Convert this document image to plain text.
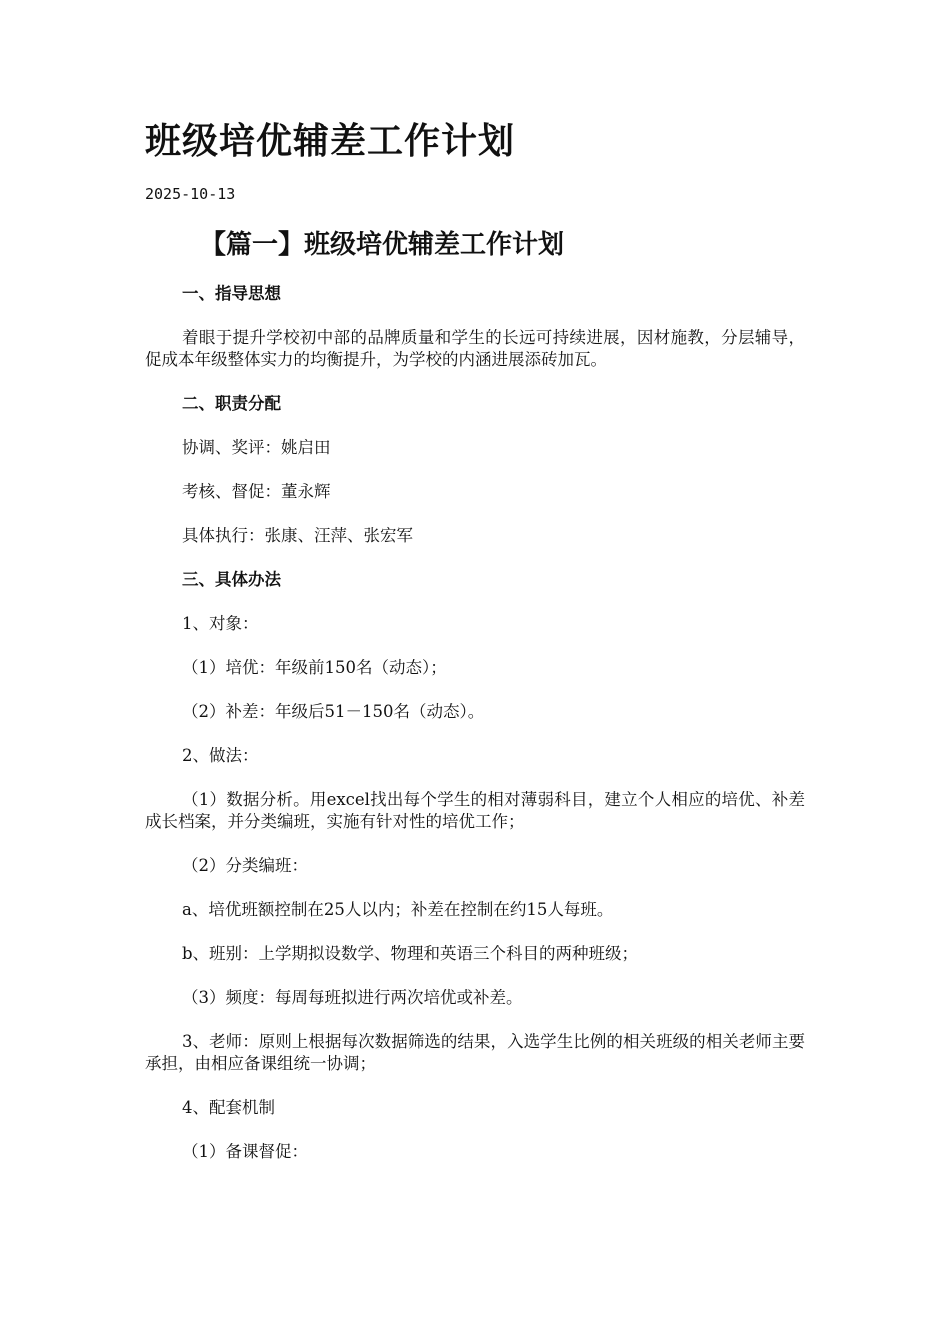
班级培优辅差工作计划
2025-10-13
【篇一】班级培优辅差工作计划

一、指导思想

着眼于提升学校初中部的品牌质量和学生的长远可持续进展，因材施教，分层辅导，促成本年级整体实力的均衡提升，为学校的内涵进展添砖加瓦。

二、职责分配

协调、奖评：姚启田

考核、督促：董永辉

具体执行：张康、汪萍、张宏军

三、具体办法

1、对象：

（1）培优：年级前150名（动态）；

（2）补差：年级后51－150名（动态）。

2、做法：

（1）数据分析。用excel找出每个学生的相对薄弱科目，建立个人相应的培优、补差成长档案，并分类编班，实施有针对性的培优工作；

（2）分类编班：

a、培优班额控制在25人以内；补差在控制在约15人每班。

b、班别：上学期拟设数学、物理和英语三个科目的两种班级；

（3）频度：每周每班拟进行两次培优或补差。

3、老师：原则上根据每次数据筛选的结果，入选学生比例的相关班级的相关老师主要承担，由相应备课组统一协调；

4、配套机制

（1）备课督促：
